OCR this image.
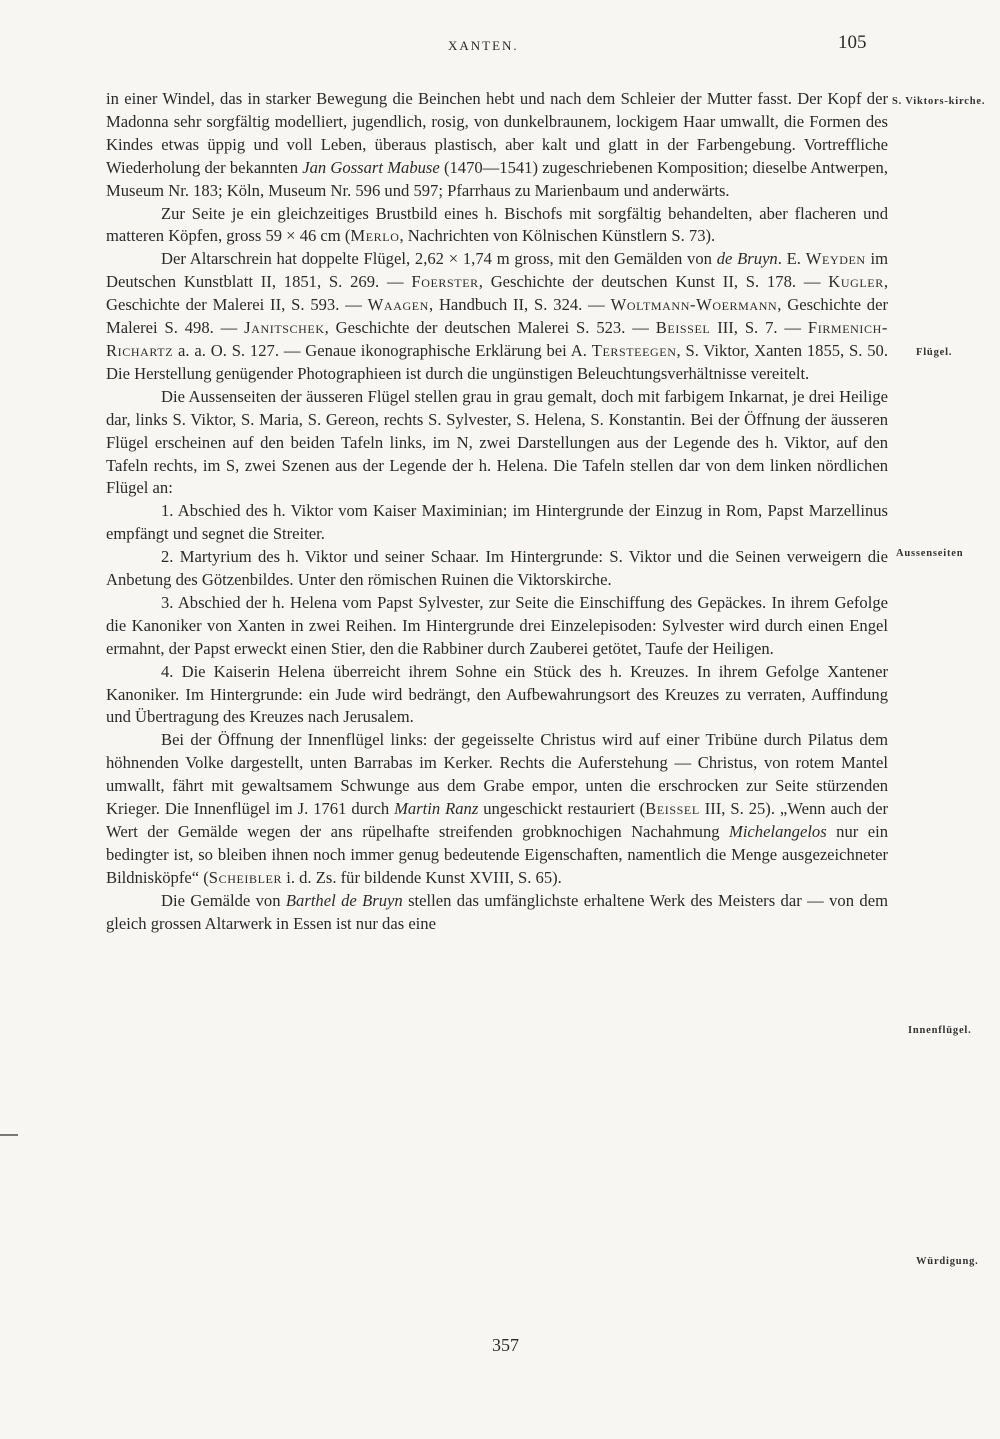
XANTEN.	105

in einer Windel, das in starker Bewegung die Beinchen hebt und nach dem Schleier der Mutter fasst. Der Kopf der Madonna sehr sorgfältig modelliert, jugendlich, rosig, von dunkelbraunem, lockigem Haar umwallt, die Formen des Kindes etwas üppig und voll Leben, überaus plastisch, aber kalt und glatt in der Farbengebung. Vortreffliche Wiederholung der bekannten Jan Gossart Mabuse (1470—1541) zugeschriebenen Komposition; dieselbe Antwerpen, Museum Nr. 183; Köln, Museum Nr. 596 und 597; Pfarrhaus zu Marienbaum und anderwärts.

Zur Seite je ein gleichzeitiges Brustbild eines h. Bischofs mit sorgfältig behandelten, aber flacheren und matteren Köpfen, gross 59 × 46 cm (Merlo, Nachrichten von Kölnischen Künstlern S. 73).

Der Altarschrein hat doppelte Flügel, 2,62 × 1,74 m gross, mit den Gemälden von de Bruyn. E. Weyden im Deutschen Kunstblatt II, 1851, S. 269. — Foerster, Geschichte der deutschen Kunst II, S. 178. — Kugler, Geschichte der Malerei II, S. 593. — Waagen, Handbuch II, S. 324. — Woltmann-Woermann, Geschichte der Malerei S. 498. — Janitschek, Geschichte der deutschen Malerei S. 523. — Beissel III, S. 7. — Firmenich-Richartz a. a. O. S. 127. — Genaue ikonographische Erklärung bei A. Tersteegen, S. Viktor, Xanten 1855, S. 50. Die Herstellung genügender Photographieen ist durch die ungünstigen Beleuchtungsverhältnisse vereitelt.

Die Aussenseiten der äusseren Flügel stellen grau in grau gemalt, doch mit farbigem Inkarnat, je drei Heilige dar, links S. Viktor, S. Maria, S. Gereon, rechts S. Sylvester, S. Helena, S. Konstantin. Bei der Öffnung der äusseren Flügel erscheinen auf den beiden Tafeln links, im N, zwei Darstellungen aus der Legende des h. Viktor, auf den Tafeln rechts, im S, zwei Szenen aus der Legende der h. Helena. Die Tafeln stellen dar von dem linken nördlichen Flügel an:

1. Abschied des h. Viktor vom Kaiser Maximinian; im Hintergrunde der Einzug in Rom, Papst Marzellinus empfängt und segnet die Streiter.

2. Martyrium des h. Viktor und seiner Schaar. Im Hintergrunde: S. Viktor und die Seinen verweigern die Anbetung des Götzenbildes. Unter den römischen Ruinen die Viktorskirche.

3. Abschied der h. Helena vom Papst Sylvester, zur Seite die Einschiffung des Gepäckes. In ihrem Gefolge die Kanoniker von Xanten in zwei Reihen. Im Hintergrunde drei Einzelepisoden: Sylvester wird durch einen Engel ermahnt, der Papst erweckt einen Stier, den die Rabbiner durch Zauberei getötet, Taufe der Heiligen.

4. Die Kaiserin Helena überreicht ihrem Sohne ein Stück des h. Kreuzes. In ihrem Gefolge Xantener Kanoniker. Im Hintergrunde: ein Jude wird bedrängt, den Aufbewahrungsort des Kreuzes zu verraten, Auffindung und Übertragung des Kreuzes nach Jerusalem.

Bei der Öffnung der Innenflügel links: der gegeisselte Christus wird auf einer Tribüne durch Pilatus dem höhnenden Volke dargestellt, unten Barrabas im Kerker. Rechts die Auferstehung — Christus, von rotem Mantel umwallt, fährt mit gewaltsamem Schwunge aus dem Grabe empor, unten die erschrocken zur Seite stürzenden Krieger. Die Innenflügel im J. 1761 durch Martin Ranz ungeschickt restauriert (Beissel III, S. 25). „Wenn auch der Wert der Gemälde wegen der ans rüpelhafte streifenden grobknochigen Nachahmung Michelangelos nur ein bedingter ist, so bleiben ihnen noch immer genug bedeutende Eigenschaften, namentlich die Menge ausgezeichneter Bildnisköpfe“ (Scheibler i. d. Zs. für bildende Kunst XVIII, S. 65).

Die Gemälde von Barthel de Bruyn stellen das umfänglichste erhaltene Werk des Meisters dar — von dem gleich grossen Altarwerk in Essen ist nur das eine

S. Viktors-kirche.
Flügel.
Aussenseiten
Innenflügel.
Würdigung.
357
